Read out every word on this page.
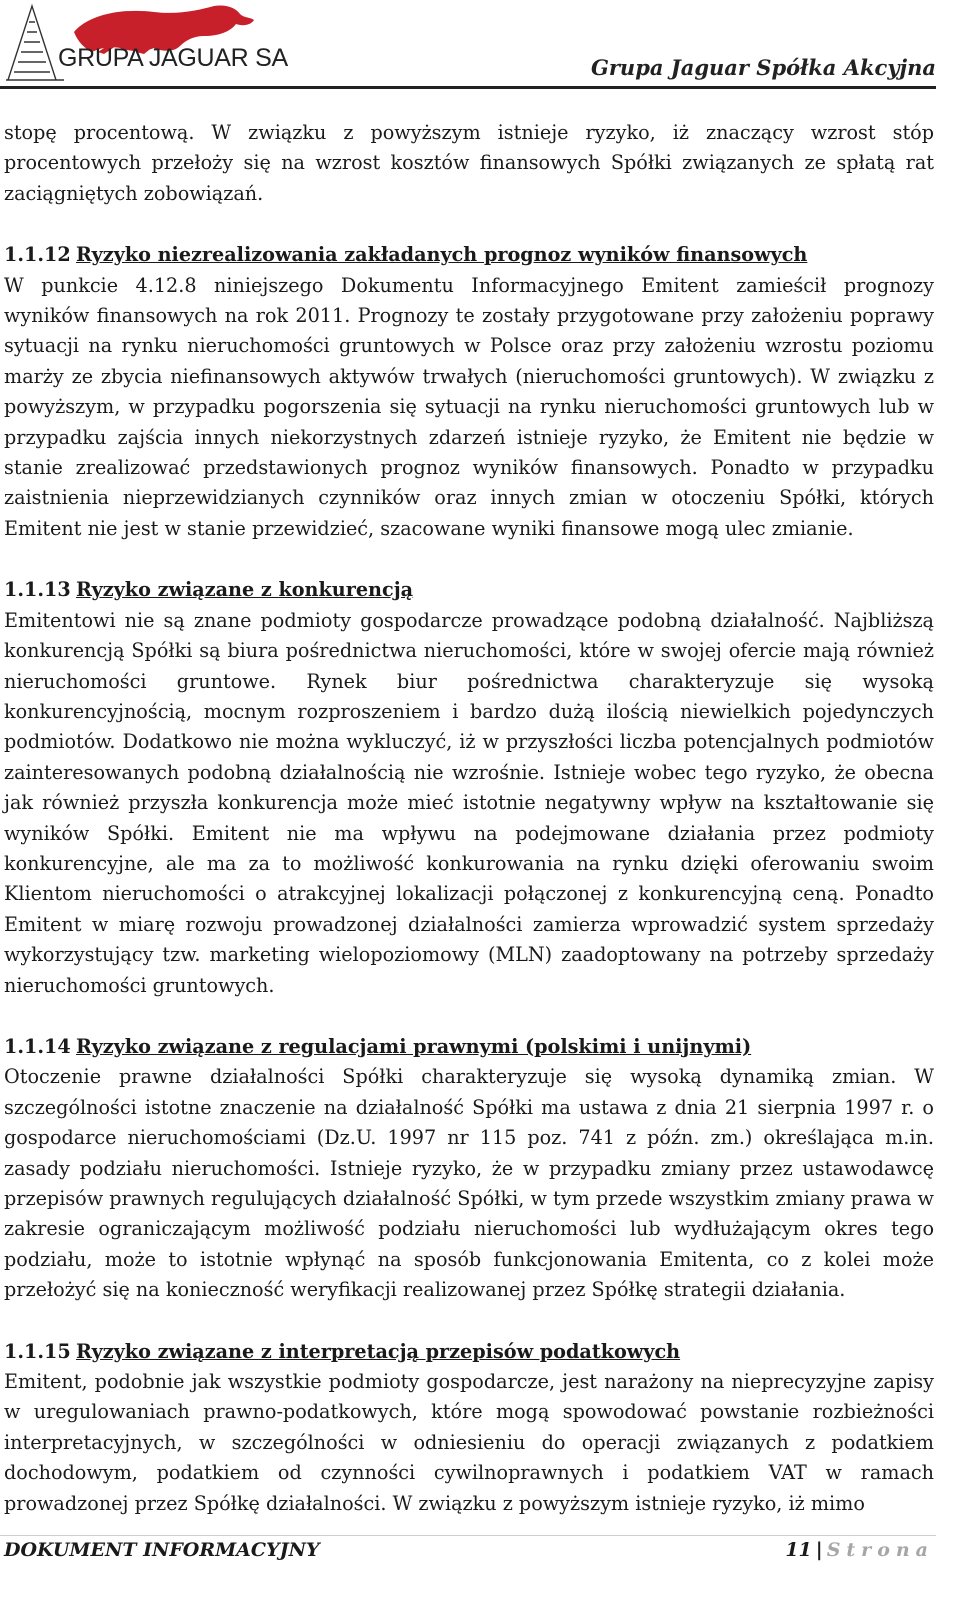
GRUPA JAGUAR SA	Grupa Jaguar Spółka Akcyjna

stopę procentową. W związku z powyższym istnieje ryzyko, iż znaczący wzrost stóp procentowych przełoży się na wzrost kosztów finansowych Spółki związanych ze spłatą rat zaciągniętych zobowiązań.

1.1.12 Ryzyko niezrealizowania zakładanych prognoz wyników finansowych

W punkcie 4.12.8 niniejszego Dokumentu Informacyjnego Emitent zamieścił prognozy wyników finansowych na rok 2011. Prognozy te zostały przygotowane przy założeniu poprawy sytuacji na rynku nieruchomości gruntowych w Polsce oraz przy założeniu wzrostu poziomu marży ze zbycia niefinansowych aktywów trwałych (nieruchomości gruntowych). W związku z powyższym, w przypadku pogorszenia się sytuacji na rynku nieruchomości gruntowych lub w przypadku zajścia innych niekorzystnych zdarzeń istnieje ryzyko, że Emitent nie będzie w stanie zrealizować przedstawionych prognoz wyników finansowych. Ponadto w przypadku zaistnienia nieprzewidzianych czynników oraz innych zmian w otoczeniu Spółki, których Emitent nie jest w stanie przewidzieć, szacowane wyniki finansowe mogą ulec zmianie.

1.1.13 Ryzyko związane z konkurencją

Emitentowi nie są znane podmioty gospodarcze prowadzące podobną działalność. Najbliższą konkurencją Spółki są biura pośrednictwa nieruchomości, które w swojej ofercie mają również nieruchomości gruntowe. Rynek biur pośrednictwa charakteryzuje się wysoką konkurencyjnością, mocnym rozproszeniem i bardzo dużą ilością niewielkich pojedynczych podmiotów. Dodatkowo nie można wykluczyć, iż w przyszłości liczba potencjalnych podmiotów zainteresowanych podobną działalnością nie wzrośnie. Istnieje wobec tego ryzyko, że obecna jak również przyszła konkurencja może mieć istotnie negatywny wpływ na kształtowanie się wyników Spółki. Emitent nie ma wpływu na podejmowane działania przez podmioty konkurencyjne, ale ma za to możliwość konkurowania na rynku dzięki oferowaniu swoim Klientom nieruchomości o atrakcyjnej lokalizacji połączonej z konkurencyjną ceną. Ponadto Emitent w miarę rozwoju prowadzonej działalności zamierza wprowadzić system sprzedaży wykorzystujący tzw. marketing wielopoziomowy (MLN) zaadoptowany na potrzeby sprzedaży nieruchomości gruntowych.

1.1.14 Ryzyko związane z regulacjami prawnymi (polskimi i unijnymi)

Otoczenie prawne działalności Spółki charakteryzuje się wysoką dynamiką zmian. W szczególności istotne znaczenie na działalność Spółki ma ustawa z dnia 21 sierpnia 1997 r. o gospodarce nieruchomościami (Dz.U. 1997 nr 115 poz. 741 z późn. zm.) określająca m.in. zasady podziału nieruchomości. Istnieje ryzyko, że w przypadku zmiany przez ustawodawcę przepisów prawnych regulujących działalność Spółki, w tym przede wszystkim zmiany prawa w zakresie ograniczającym możliwość podziału nieruchomości lub wydłużającym okres tego podziału, może to istotnie wpłynąć na sposób funkcjonowania Emitenta, co z kolei może przełożyć się na konieczność weryfikacji realizowanej przez Spółkę strategii działania.

1.1.15 Ryzyko związane z interpretacją przepisów podatkowych

Emitent, podobnie jak wszystkie podmioty gospodarcze, jest narażony na nieprecyzyjne zapisy w uregulowaniach prawno-podatkowych, które mogą spowodować powstanie rozbieżności interpretacyjnych, w szczególności w odniesieniu do operacji związanych z podatkiem dochodowym, podatkiem od czynności cywilnoprawnych i podatkiem VAT w ramach prowadzonej przez Spółkę działalności. W związku z powyższym istnieje ryzyko, iż mimo

DOKUMENT INFORMACYJNY	11 | Strona
